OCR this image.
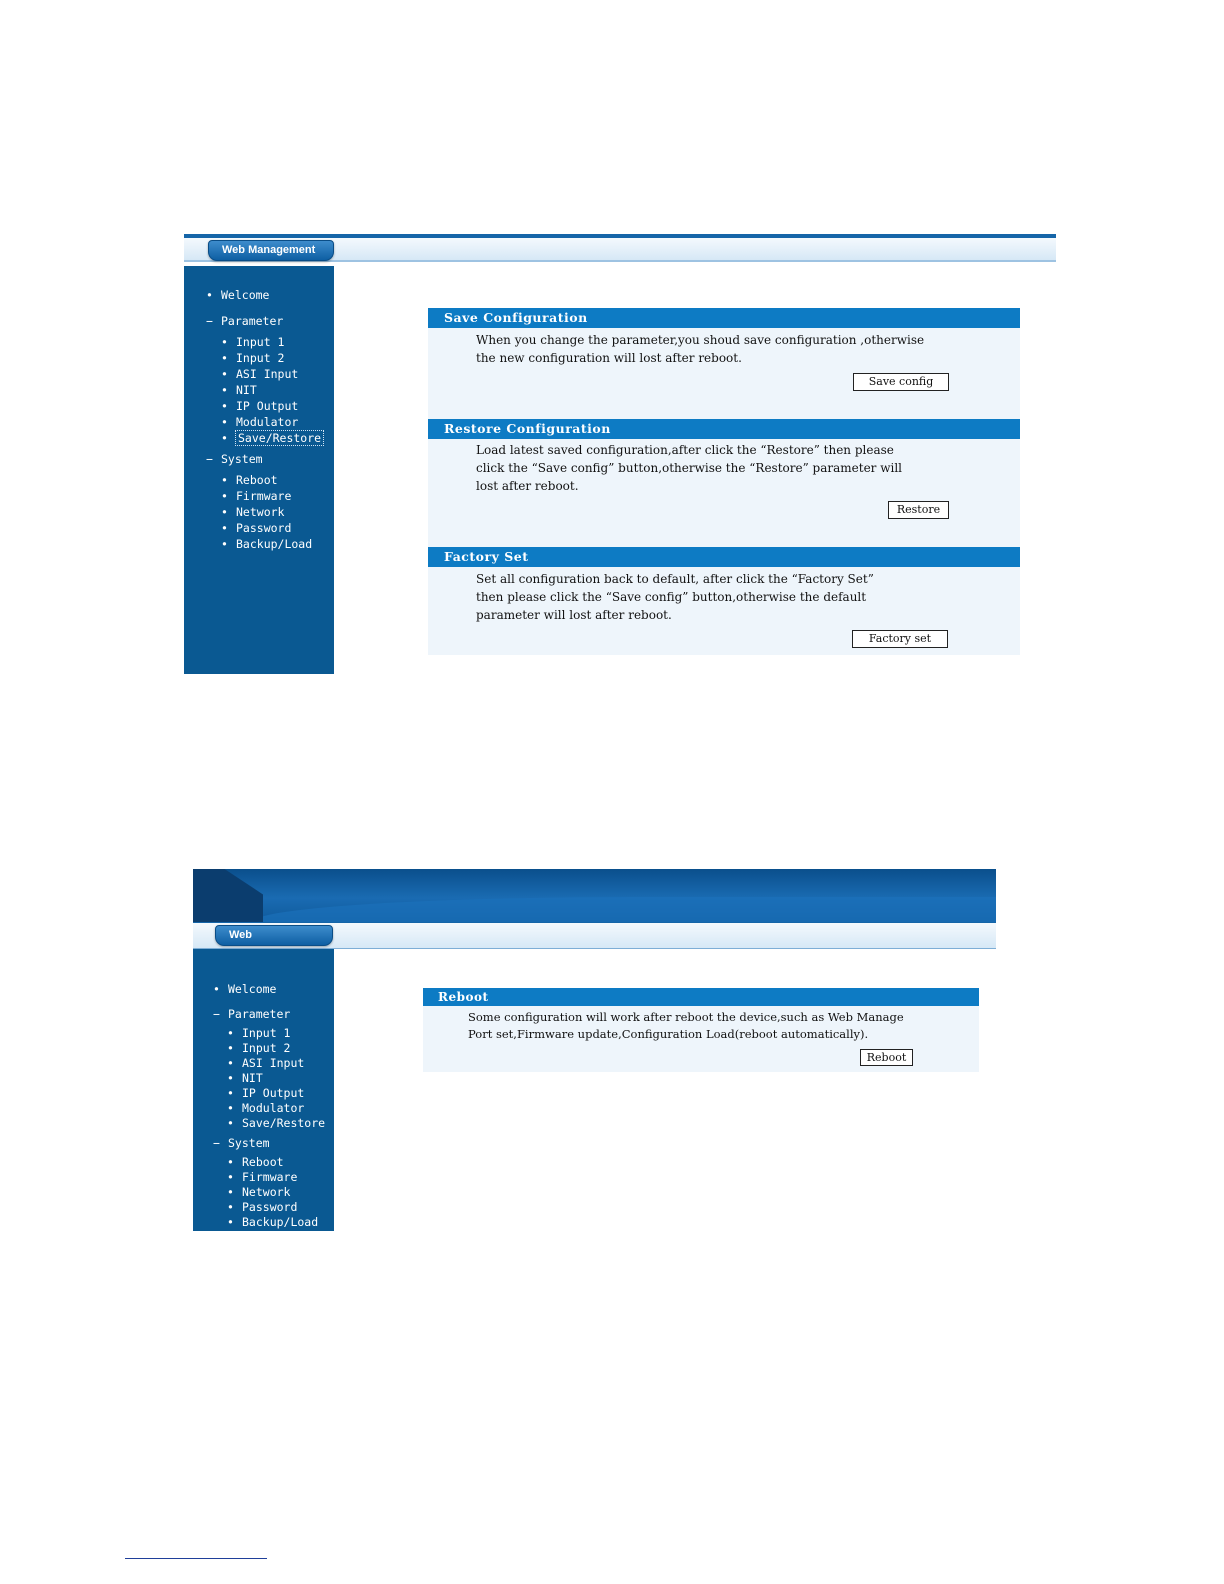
Web Management
• Welcome
− Parameter
• Input 1
• Input 2
• ASI Input
• NIT
• IP Output
• Modulator
• Save/Restore
− System
• Reboot
• Firmware
• Network
• Password
• Backup/Load
Save Configuration
When you change the parameter,you shoud save configuration ,otherwise
the new configuration will lost after reboot.
Save config
Restore Configuration
Load latest saved configuration,after click the “Restore” then please
click the “Save config” button,otherwise the “Restore” parameter will
lost after reboot.
Restore
Factory Set
Set all configuration back to default, after click the “Factory Set”
then please click the “Save config” button,otherwise the default
parameter will lost after reboot.
Factory set
Web
• Welcome
− Parameter
• Input 1
• Input 2
• ASI Input
• NIT
• IP Output
• Modulator
• Save/Restore
− System
• Reboot
• Firmware
• Network
• Password
• Backup/Load
Reboot
Some configuration will work after reboot the device,such as Web Manage
Port set,Firmware update,Configuration Load(reboot automatically).
Reboot
